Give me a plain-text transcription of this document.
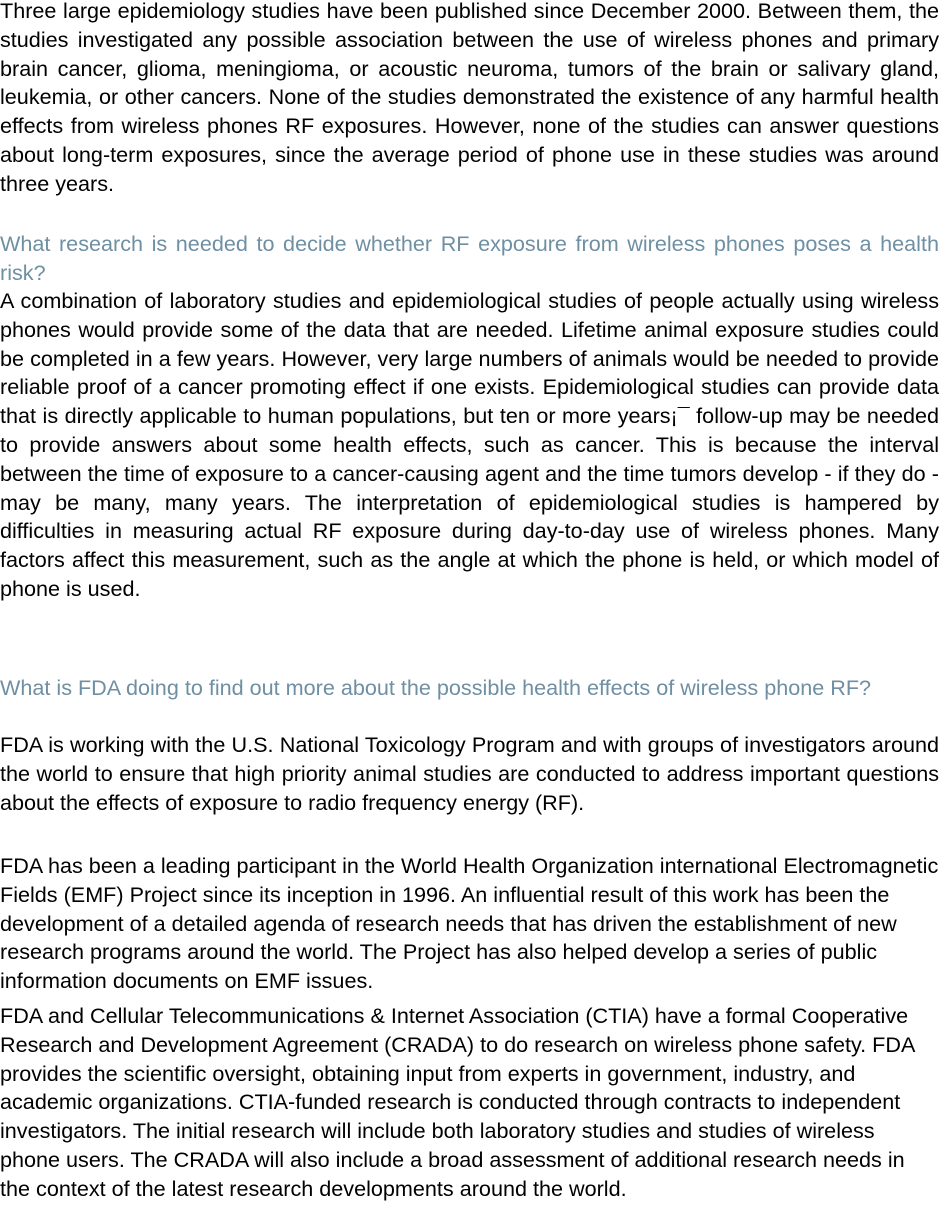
Three large epidemiology studies have been published since December 2000. Between them, the studies investigated any possible association between the use of wireless phones and primary brain cancer, glioma, meningioma, or acoustic neuroma, tumors of the brain or salivary gland, leukemia, or other cancers. None of the studies demonstrated the existence of any harmful health effects from wireless phones RF exposures. However, none of the studies can answer questions about long-term exposures, since the average period of phone use in these studies was around three years.

What research is needed to decide whether RF exposure from wireless phones poses a health risk?

A combination of laboratory studies and epidemiological studies of people actually using wireless phones would provide some of the data that are needed. Lifetime animal exposure studies could be completed in a few years. However, very large numbers of animals would be needed to provide reliable proof of a cancer promoting effect if one exists. Epidemiological studies can provide data that is directly applicable to human populations, but ten or more years¡¯ follow-up may be needed to provide answers about some health effects, such as cancer. This is because the interval between the time of exposure to a cancer-causing agent and the time tumors develop - if they do - may be many, many years. The interpretation of epidemiological studies is hampered by difficulties in measuring actual RF exposure during day-to-day use of wireless phones. Many factors affect this measurement, such as the angle at which the phone is held, or which model of phone is used.

What is FDA doing to find out more about the possible health effects of wireless phone RF?

FDA is working with the U.S. National Toxicology Program and with groups of investigators around the world to ensure that high priority animal studies are conducted to address important questions about the effects of exposure to radio frequency energy (RF).

FDA has been a leading participant in the World Health Organization international Electromagnetic Fields (EMF) Project since its inception in 1996. An influential result of this work has been the development of a detailed agenda of research needs that has driven the establishment of new research programs around the world. The Project has also helped develop a series of public information documents on EMF issues.

FDA and Cellular Telecommunications & Internet Association (CTIA) have a formal Cooperative Research and Development Agreement (CRADA) to do research on wireless phone safety. FDA provides the scientific oversight, obtaining input from experts in government, industry, and academic organizations. CTIA-funded research is conducted through contracts to independent investigators. The initial research will include both laboratory studies and studies of wireless phone users. The CRADA will also include a broad assessment of additional research needs in the context of the latest research developments around the world.
